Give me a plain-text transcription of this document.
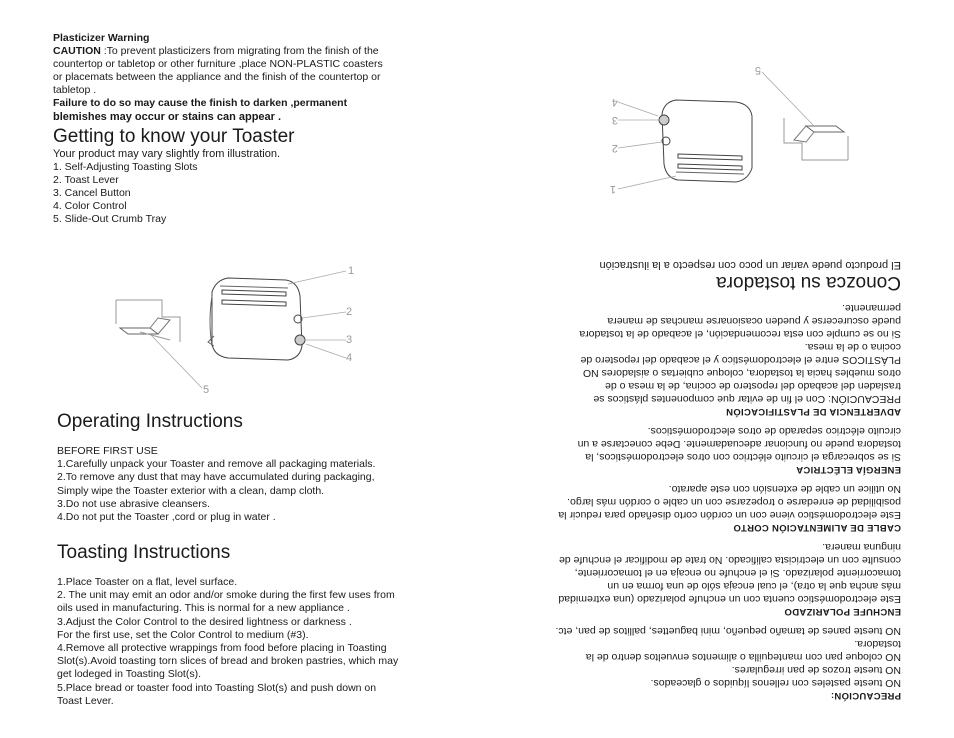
Plasticizer Warning
CAUTION :To prevent plasticizers from migrating from the finish of the
countertop or tabletop or other furniture ,place NON-PLASTIC coasters
or placemats between the appliance and the finish of the countertop or
tabletop .
Failure to do so may cause the finish to darken ,permanent
blemishes may occur or stains can appear .
Getting to know your Toaster
Your product may vary slightly from illustration.
1. Self-Adjusting Toasting Slots
2. Toast Lever
3. Cancel Button
4. Color Control
5. Slide-Out Crumb Tray
1
2
3
4
5
Operating Instructions
BEFORE FIRST USE
1.Carefully unpack your Toaster and remove all packaging materials.
2.To remove any dust that may have accumulated during packaging,
Simply wipe the Toaster exterior with a clean, damp cloth.
3.Do not use abrasive cleansers.
4.Do not put the Toaster ,cord or plug in water .
Toasting Instructions
1.Place Toaster on a flat, level surface.
2. The unit may emit an odor and/or smoke during the first few uses from
oils used in manufacturing. This is normal for a new appliance .
3.Adjust the Color Control to the desired lightness or darkness .
For the first use, set the Color Control to medium (#3).
4.Remove all protective wrappings from food before placing in Toasting
Slot(s).Avoid toasting torn slices of bread and broken pastries, which may
get lodeged in Toasting Slot(s).
5.Place bread or toaster food into Toasting Slot(s) and push down on
Toast Lever.	PRECAUCIÓN:
NO tueste pasteles con rellenos líquidos o glaceados.
NO tueste trozos de pan irregulares.
NO coloque pan con mantequilla o alimentos envueltos dentro de la
tostadora.
NO tueste panes de tamaño pequeño, mini baguettes, pallitos de pan, etc.
ENCHUFE POLARIZADO
Este electrodoméstico cuenta con un enchufe polarizado (una extremidad
más ancha que la otra), el cual encaja sólo de una forma en un
tomacorriente polarizado. Si el enchufe no encaja en el tomacorriente,
consulte con un electricista calificado. No trate de modificar el enchufe de
ninguna manera.
CABLE DE ALIMENTACIÓN CORTO
Este electrodoméstico viene con un cordón corto diseñado para reducir la
posibilidad de enredarse o tropezarse con un cable o cordón más largo.
No utilice un cable de extensión con este aparato.
ENERGÍA ELÉCTRICA
Si se sobrecarga el circuito eléctrico con otros electrodomésticos, la
tostadora puede no funcionar adecuadamente. Debe conectarse a un
circuito eléctrico separado de otros electrodomésticos.
ADVERTENCIA DE PLASTIFICACIÓN
PRECAUCIÓN: Con el fin de evitar que componentes plásticos se
trasladen del acabado del repostero de cocina, de la mesa o de
otros muebles hacia la tostadora, coloque cubiertas o aisladores NO
PLÁSTICOS entre el electrodoméstico y el acabado del repostero de
cocina o de la mesa.
Si no se cumple con esta recomendación, el acabado de la tostadora
puede oscurecerse y pueden ocasionarse manchas de manera
permanente.
Conozca su tostadora
El producto puede variar un poco con respecto a la ilustración
1
2
3
4
5
